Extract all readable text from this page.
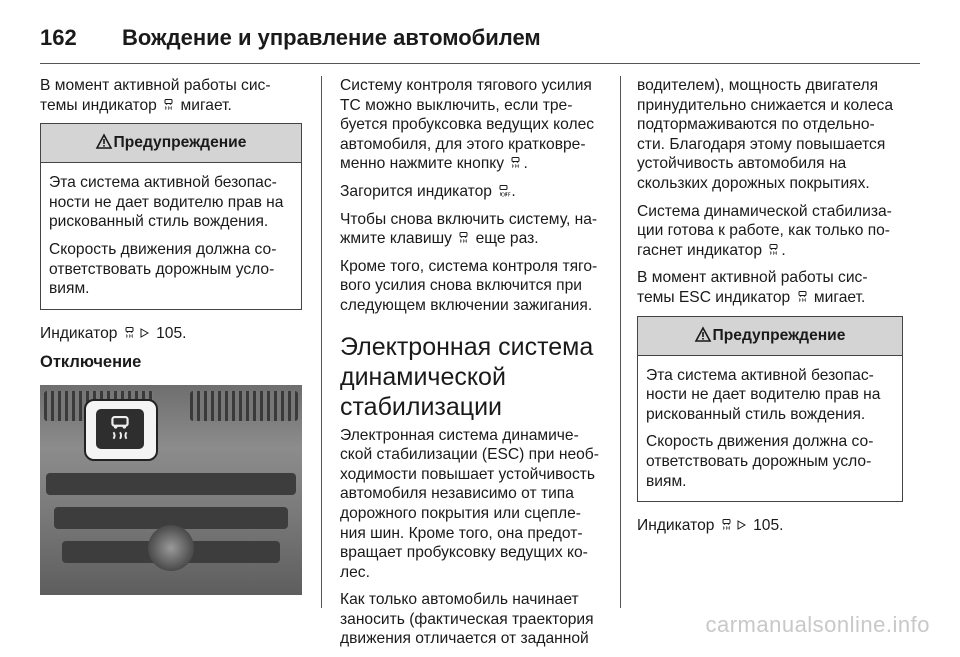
162	Вождение и управление автомобилем

В момент активной работы сис-
темы индикатор мигает.

Предупреждение

Эта система активной безопас-
ности не дает водителю прав на
рискованный стиль вождения.

Скорость движения должна со-
ответствовать дорожным усло-
виям.

Индикатор 105.

Отключение

Систему контроля тягового усилия
ТС можно выключить, если тре-
буется пробуксовка ведущих колес
автомобиля, для этого кратковре-
менно нажмите кнопку .

Загорится индикатор OFF .

Чтобы снова включить систему, на-
жмите клавишу еще раз.

Кроме того, система контроля тяго-
вого усилия снова включится при
следующем включении зажигания.

Электронная система
динамической
стабилизации

Электронная система динамиче-
ской стабилизации (ESC) при необ-
ходимости повышает устойчивость
автомобиля независимо от типа
дорожного покрытия или сцепле-
ния шин. Кроме того, она предот-
вращает пробуксовку ведущих ко-
лес.

Как только автомобиль начинает
заносить (фактическая траектория
движения отличается от заданной

водителем), мощность двигателя
принудительно снижается и колеса
подтормаживаются по отдельно-
сти. Благодаря этому повышается
устойчивость автомобиля на
скользких дорожных покрытиях.

Система динамической стабилиза-
ции готова к работе, как только по-
гаснет индикатор .

В момент активной работы сис-
темы ESC индикатор мигает.

Предупреждение

Эта система активной безопас-
ности не дает водителю прав на
рискованный стиль вождения.

Скорость движения должна со-
ответствовать дорожным усло-
виям.

Индикатор 105.

carmanualsonline.info
